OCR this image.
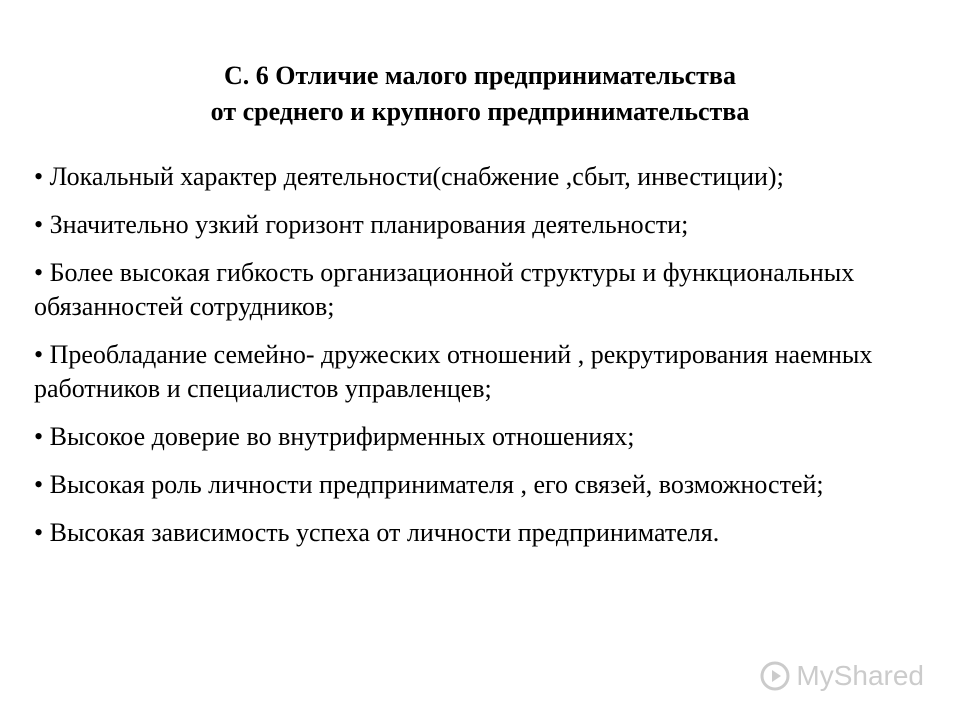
С. 6 Отличие малого предпринимательства
от среднего и крупного предпринимательства
• Локальный характер деятельности(снабжение ,сбыт, инвестиции);
• Значительно узкий горизонт планирования деятельности;
• Более высокая гибкость организационной структуры и функциональных обязанностей сотрудников;
• Преобладание семейно- дружеских отношений , рекрутирования наемных работников и специалистов управленцев;
• Высокое доверие во внутрифирменных отношениях;
• Высокая роль личности предпринимателя , его связей, возможностей;
• Высокая зависимость успеха от личности предпринимателя.
MyShared
